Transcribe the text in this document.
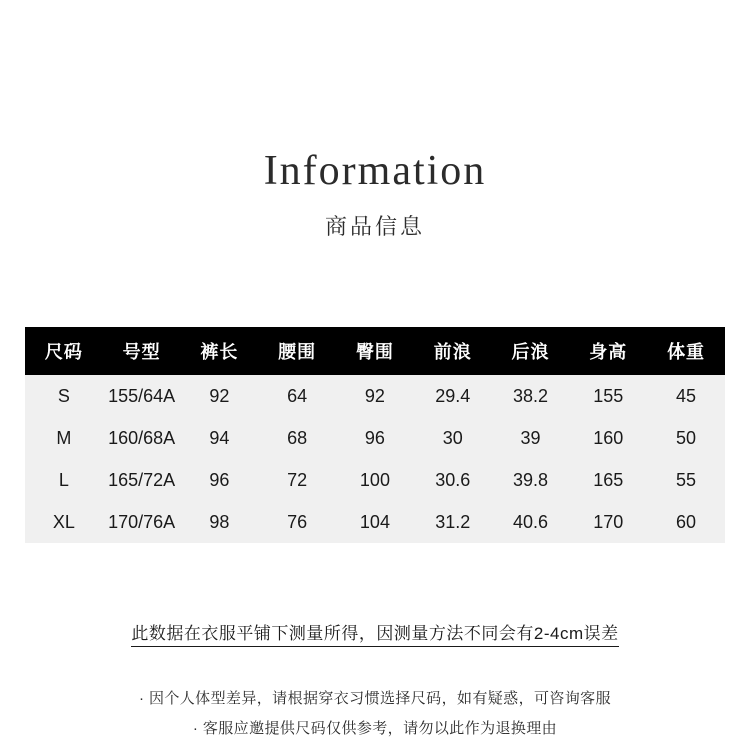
Information
商品信息
尺码	号型	裤长	腰围	臀围	前浪	后浪	身高	体重
S	155/64A	92	64	92	29.4	38.2	155	45
M	160/68A	94	68	96	30	39	160	50
L	165/72A	96	72	100	30.6	39.8	165	55
XL	170/76A	98	76	104	31.2	40.6	170	60
此数据在衣服平铺下测量所得，因测量方法不同会有2-4cm误差
· 因个人体型差异，请根据穿衣习惯选择尺码，如有疑惑，可咨询客服
· 客服应邀提供尺码仅供参考，请勿以此作为退换理由
